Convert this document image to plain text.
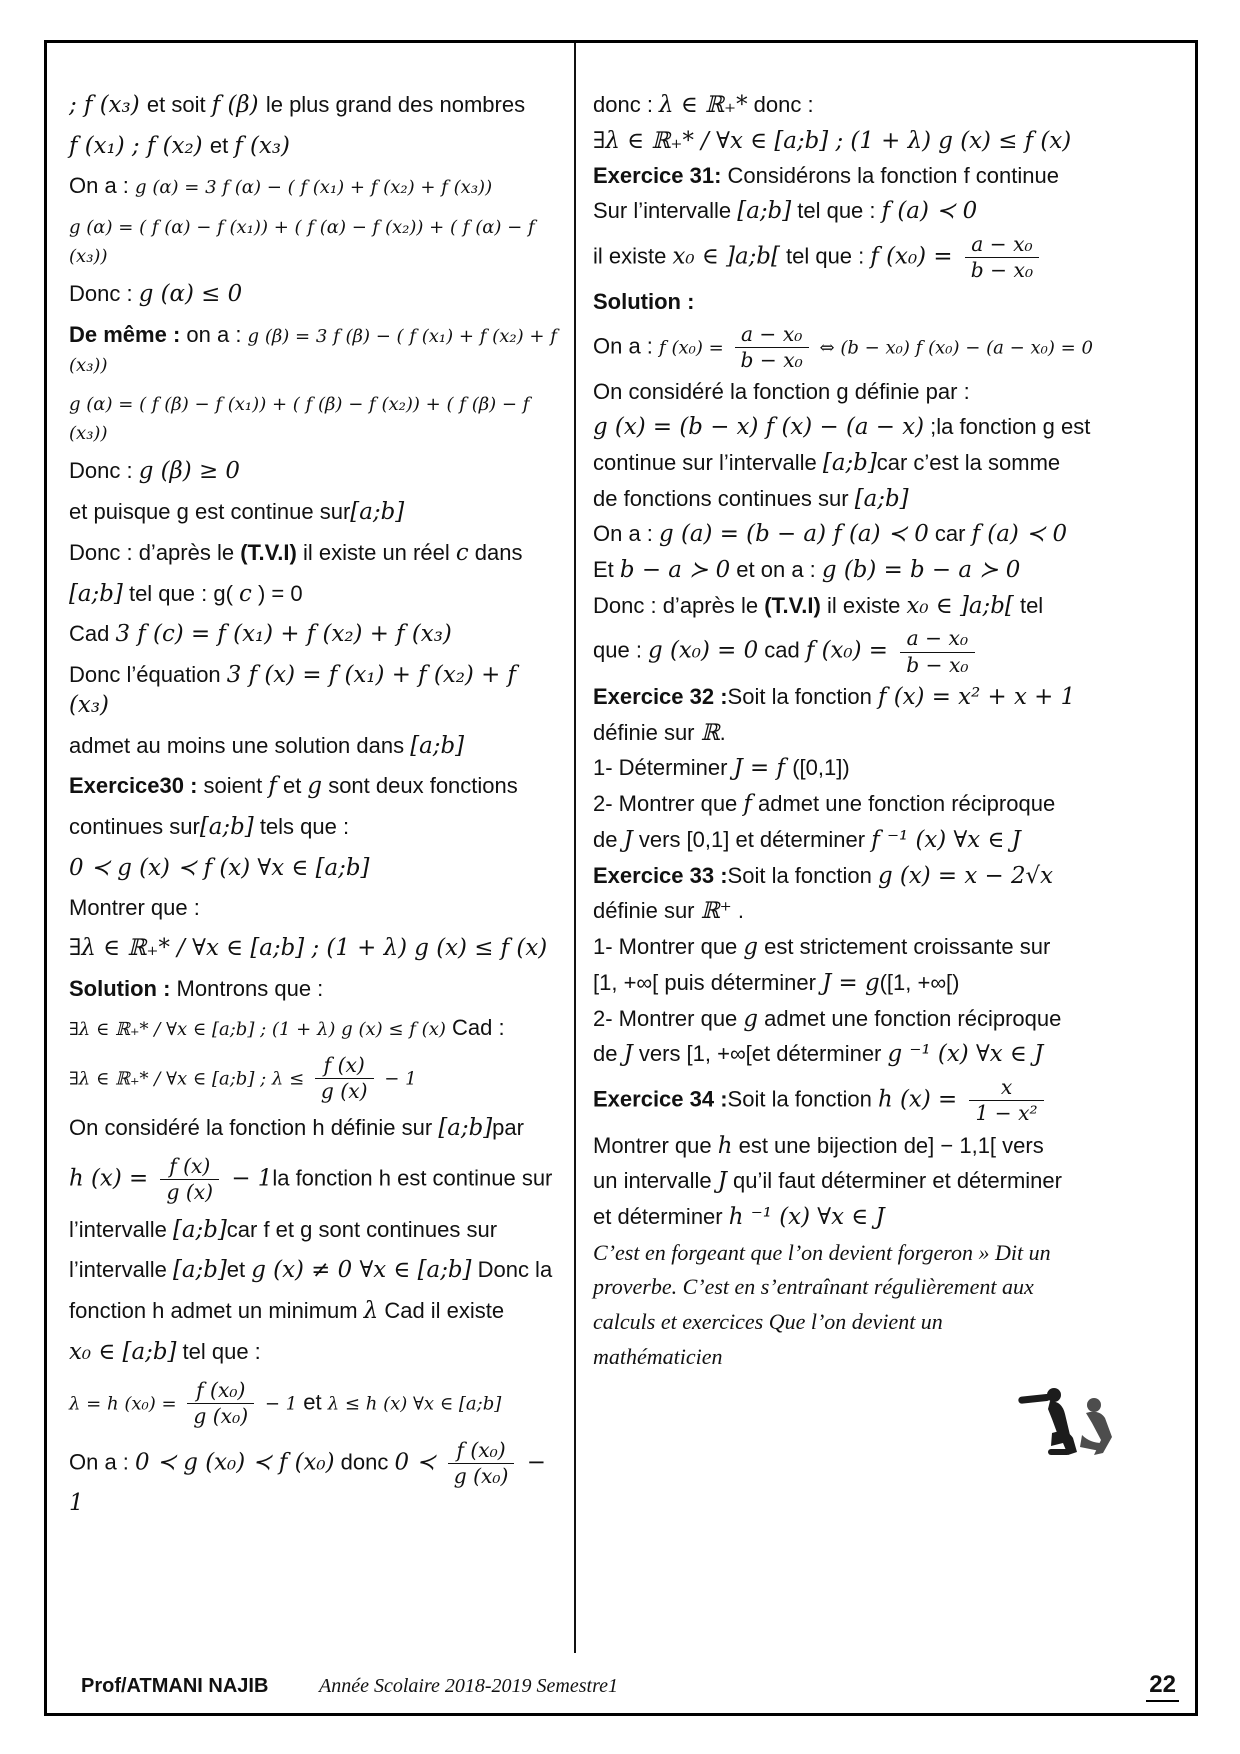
; f (x₃) et soit f (β) le plus grand des nombres
f (x₁) ; f (x₂) et f (x₃)
On a : g (α) = 3 f (α) − ( f (x₁) + f (x₂) + f (x₃))
g (α) = ( f (α) − f (x₁)) + ( f (α) − f (x₂)) + ( f (α) − f (x₃))
Donc : g (α) ≤ 0
De même : on a : g (β) = 3 f (β) − ( f (x₁) + f (x₂) + f (x₃))
g (α) = ( f (β) − f (x₁)) + ( f (β) − f (x₂)) + ( f (β) − f (x₃))
Donc : g (β) ≥ 0
et puisque g est continue sur[a;b]
Donc : d’après le (T.V.I) il existe un réel c dans
[a;b] tel que : g( c ) = 0
Cad 3 f (c) = f (x₁) + f (x₂) + f (x₃)
Donc l’équation 3 f (x) = f (x₁) + f (x₂) + f (x₃)
admet au moins une solution dans [a;b]
Exercice30 : soient f et g sont deux fonctions
continues sur[a;b] tels que :
0 ≺ g (x) ≺ f (x) ∀x ∈ [a;b]
Montrer que :
∃λ ∈ ℝ₊* / ∀x ∈ [a;b] ; (1 + λ) g (x) ≤ f (x)
Solution : Montrons que :
∃λ ∈ ℝ₊* / ∀x ∈ [a;b] ; (1 + λ) g (x) ≤ f (x) Cad :
∃λ ∈ ℝ₊* / ∀x ∈ [a;b] ; $\lambda \le \frac{f (x)}{g (x)} - 1$
On considéré la fonction h définie sur [a;b]par
h $(x) = \frac{f (x)}{g (x)} - 1la$ fonction h est continue sur
l’intervalle [a;b]car f et g sont continues sur
l’intervalle [a;b]et g (x) ≠ 0 ∀x ∈ [a;b] Donc la
fonction h admet un minimum λ Cad il existe
x₀ ∈ [a;b] tel que :
λ = h $(x_0) = \frac{\text{f (x₀)}}{\text{g (x₀)}} - 1$ et λ ≤ h (x) ∀x ∈ [a;b]
On a : 0 ≺ g (x₀) ≺ f (x₀) donc 0 ≺ $\frac{\text{f (x₀)}}{\text{g (x₀)}} - 1$
donc : λ ∈ ℝ₊* donc :
∃λ ∈ ℝ₊* / ∀x ∈ [a;b] ; (1 + λ) g (x) ≤ f (x)
Exercice 31: Considérons la fonction f continue
Sur l’intervalle [a;b] tel que : f (a) ≺ 0
il existe x₀ ∈ ]a;b[ tel que : f $(x_0) = \frac{\text{a − x₀}}{\text{b − x₀}}$
Solution :
On a : f $(x_0) = \frac{\text{a − x₀}}{\text{b − x₀}}$ ⇔ (b − x₀) f (x₀) − (a − x₀) = 0
On considéré la fonction g définie par :
g (x) = (b − x) f (x) − (a − x) ;la fonction g est
continue sur l’intervalle [a;b]car c’est la somme
de fonctions continues sur [a;b]
On a : g (a) = (b − a) f (a) ≺ 0 car f (a) ≺ 0
Et b − a ≻ 0 et on a : g (b) = b − a ≻ 0
Donc : d’après le (T.V.I) il existe x₀ ∈ ]a;b[ tel
que : g (x₀) = 0 cad f $(x_0) = \frac{\text{a − x₀}}{\text{b − x₀}}$
Exercice 32 :Soit la fonction f (x) = x² + x + 1
définie sur ℝ.
1- Déterminer J = f ([0,1])
2- Montrer que f admet une fonction réciproque
de J vers [0,1] et déterminer f ⁻¹ (x) ∀x ∈ J
Exercice 33 :Soit la fonction g (x) = x − 2√x
définie sur ℝ⁺ .
1- Montrer que g est strictement croissante sur
[1, +∞[ puis déterminer J = g([1, +∞[)
2- Montrer que g admet une fonction réciproque
de J vers [1, +∞[et déterminer g ⁻¹ (x) ∀x ∈ J
Exercice 34 :Soit la fonction h $(x) = \frac{x}{\text{1 − x²}}$
Montrer que h est une bijection de] − 1,1[ vers
un intervalle J qu’il faut déterminer et déterminer
et déterminer h ⁻¹ (x) ∀x ∈ J
C’est en forgeant que l’on devient forgeron » Dit un
proverbe. C’est en s’entraînant régulièrement aux
calculs et exercices Que l’on devient un
mathématicien
Prof/ATMANI NAJIB	Année Scolaire 2018-2019 Semestre1	22
